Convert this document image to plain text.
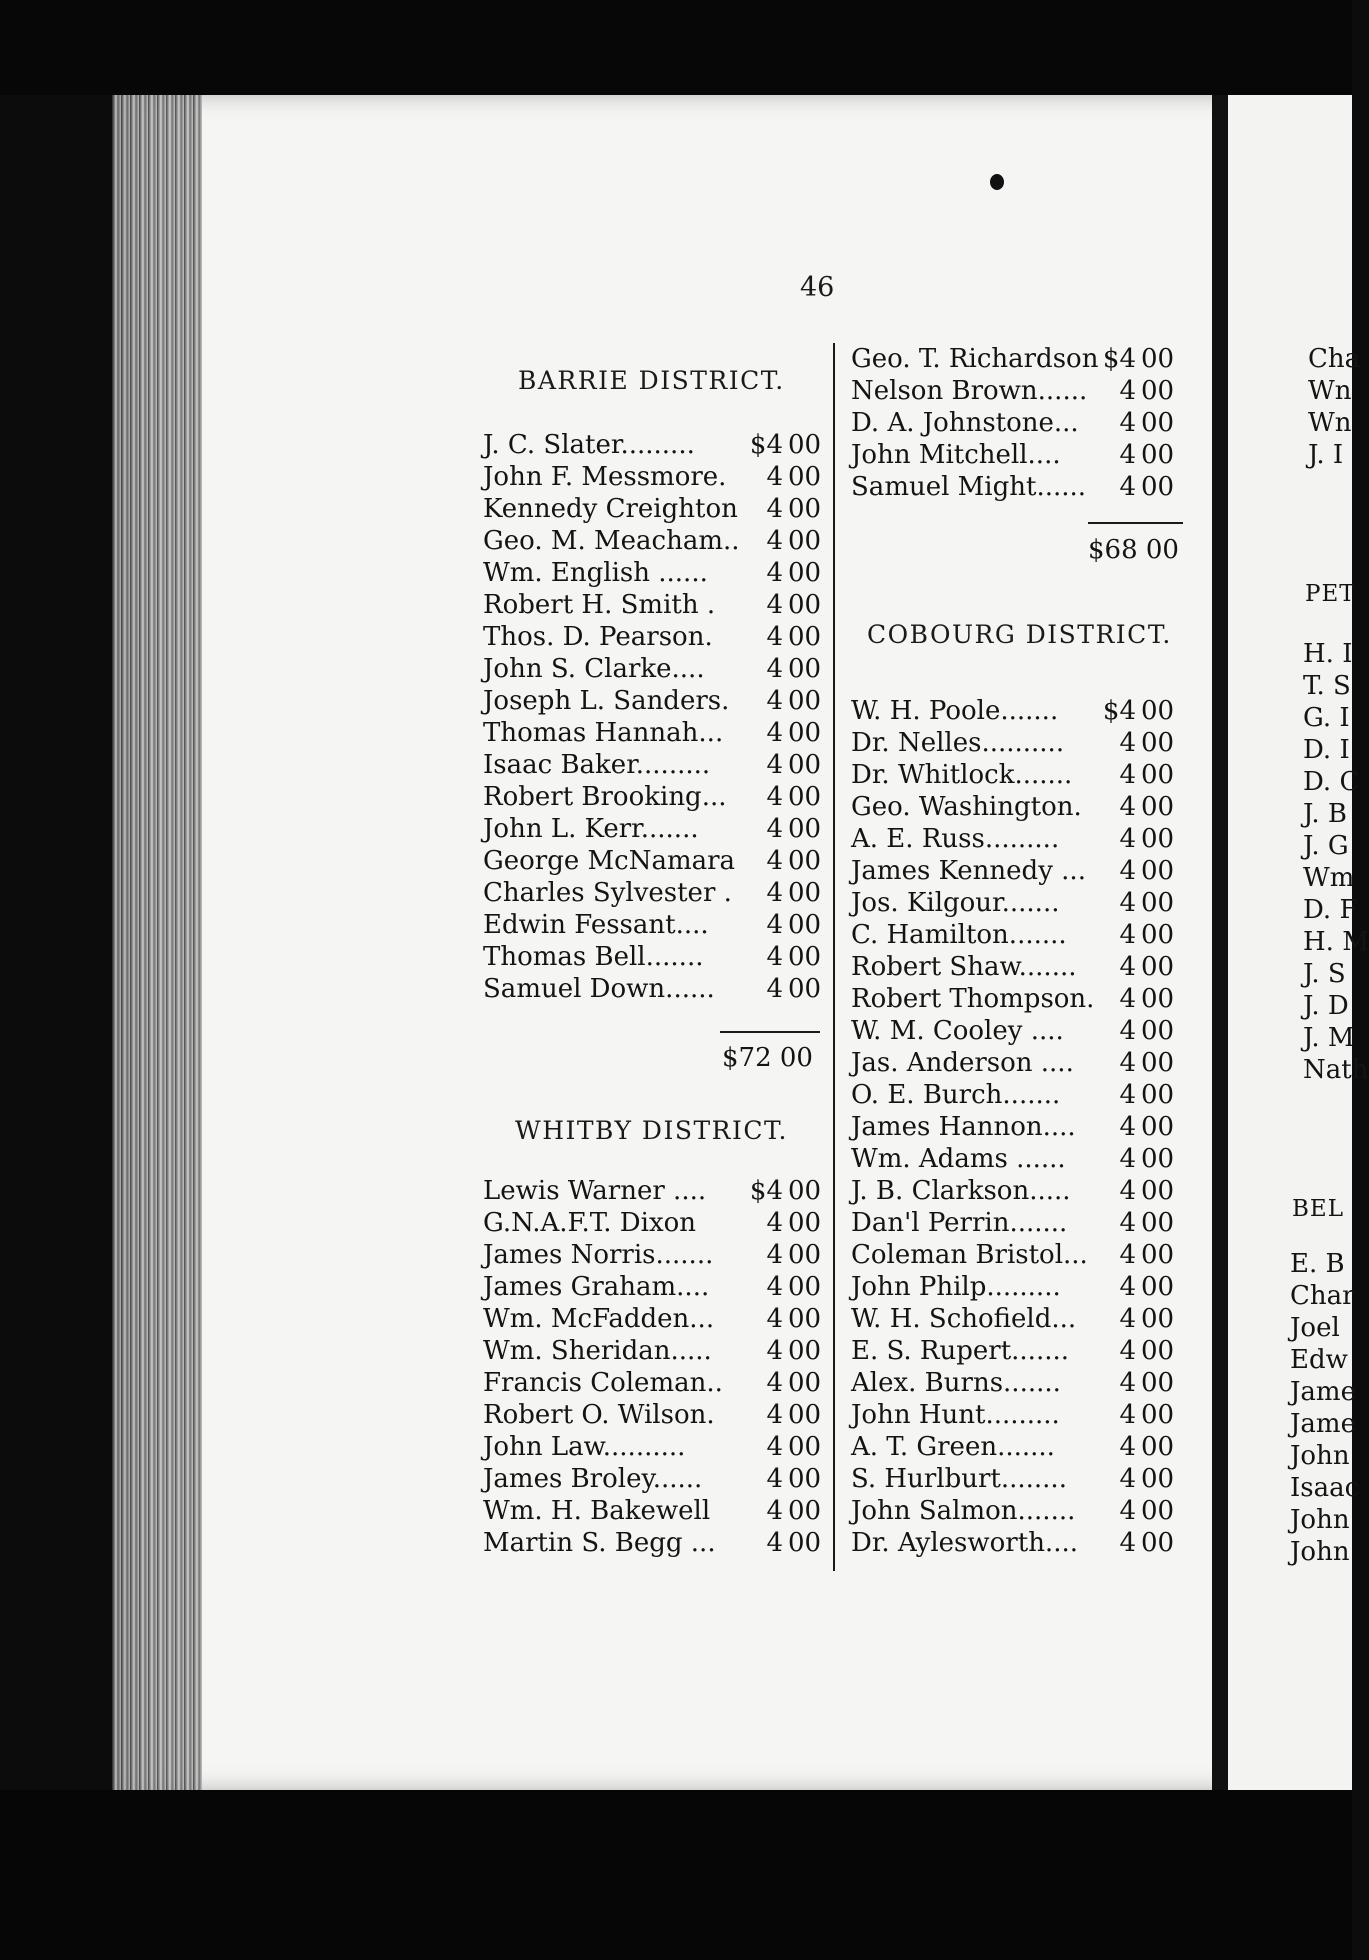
46
BARRIE DISTRICT.
J. C. Slater.........	$4 00
John F. Messmore.	4 00
Kennedy Creighton	4 00
Geo. M. Meacham..	4 00
Wm. English ......	4 00
Robert H. Smith .	4 00
Thos. D. Pearson.	4 00
John S. Clarke....	4 00
Joseph L. Sanders.	4 00
Thomas Hannah...	4 00
Isaac Baker.........	4 00
Robert Brooking...	4 00
John L. Kerr.......	4 00
George McNamara	4 00
Charles Sylvester .	4 00
Edwin Fessant....	4 00
Thomas Bell.......	4 00
Samuel Down......	4 00
$72 00
WHITBY DISTRICT.
Lewis Warner ....	$4 00
G.N.A.F.T. Dixon	4 00
James Norris.......	4 00
James Graham....	4 00
Wm. McFadden...	4 00
Wm. Sheridan.....	4 00
Francis Coleman..	4 00
Robert O. Wilson.	4 00
John Law..........	4 00
James Broley......	4 00
Wm. H. Bakewell	4 00
Martin S. Begg ...	4 00
Geo. T. Richardson $4 00
Nelson Brown......	4 00
D. A. Johnstone...	4 00
John Mitchell....	4 00
Samuel Might......	4 00
$68 00
COBOURG DISTRICT.
W. H. Poole.......	$4 00
Dr. Nelles..........	4 00
Dr. Whitlock.......	4 00
Geo. Washington.	4 00
A. E. Russ.........	4 00
James Kennedy ...	4 00
Jos. Kilgour.......	4 00
C. Hamilton.......	4 00
Robert Shaw.......	4 00
Robert Thompson. 4 00
W. M. Cooley ....	4 00
Jas. Anderson ....	4 00
O. E. Burch.......	4 00
James Hannon....	4 00
Wm. Adams ......	4 00
J. B. Clarkson.....	4 00
Dan'l Perrin.......	4 00
Coleman Bristol...	4 00
John Philp.........	4 00
W. H. Schofield...	4 00
E. S. Rupert.......	4 00
Alex. Burns.......	4 00
John Hunt.........	4 00
A. T. Green.......	4 00
S. Hurlburt........	4 00
John Salmon.......	4 00
Dr. Aylesworth....	4 00
Cha
Wn
Wn
J. I
PET
H. I
T. S
G. I
D. I
D. C
J. B
J. G
Wm
D. F
H. M
J. S
J. D
J. M
Nath
BEL
E. B
Char
Joel
Edw
Jame
Jame
John
Isaac
John
John
